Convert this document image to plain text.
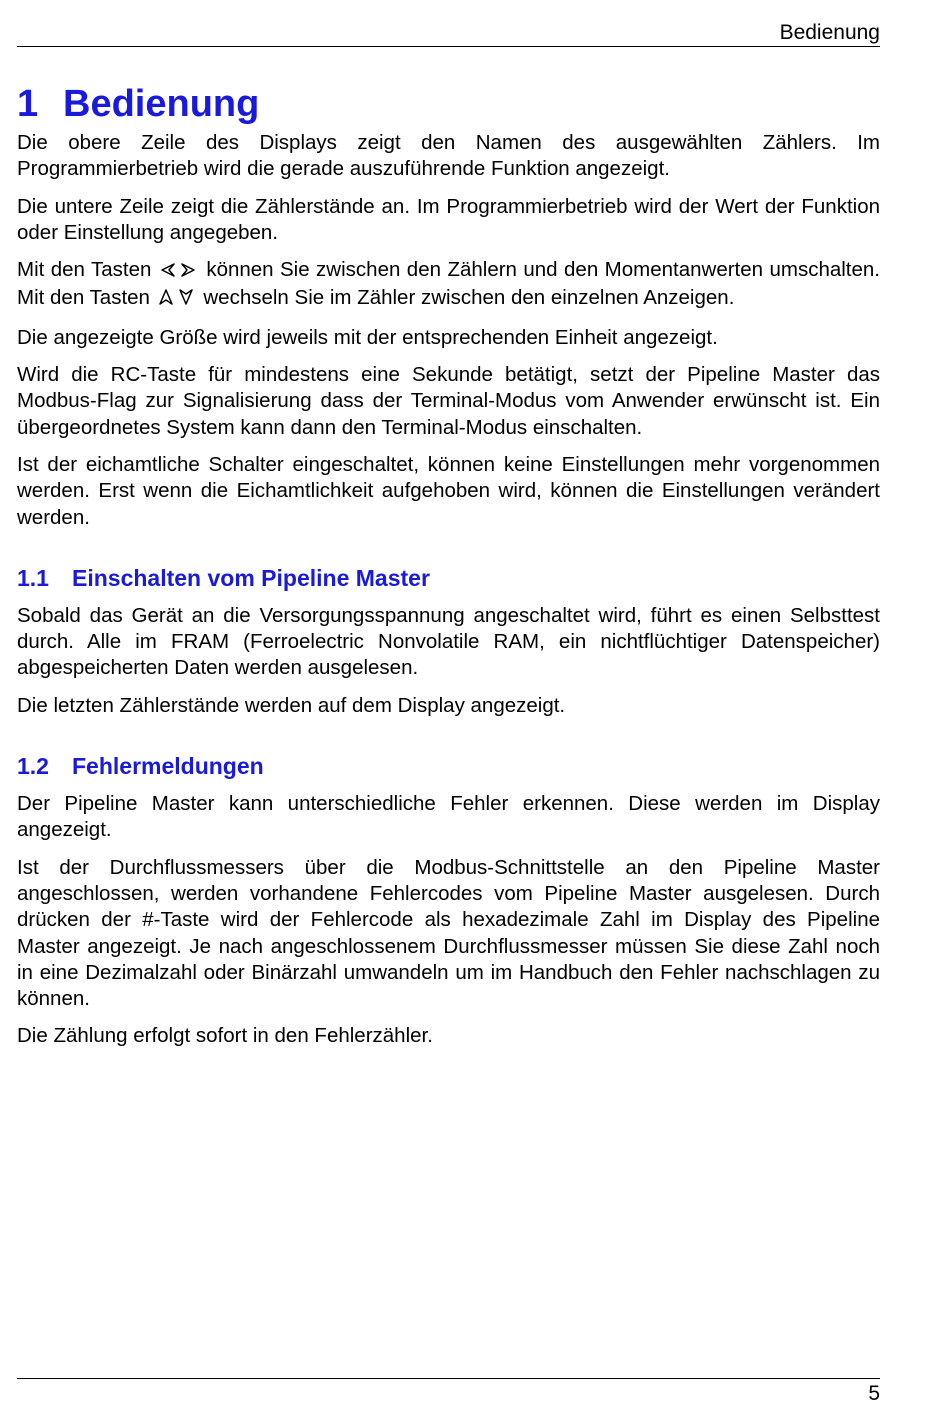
Bedienung
1 Bedienung

Die obere Zeile des Displays zeigt den Namen des ausgewählten Zählers. Im Programmierbetrieb wird die gerade auszuführende Funktion angezeigt.

Die untere Zeile zeigt die Zählerstände an. Im Programmierbetrieb wird der Wert der Funktion oder Einstellung angegeben.

Mit den Tasten	können Sie zwischen den Zählern und den Momentanwerten umschalten. Mit den Tasten	wechseln Sie im Zähler zwischen den einzelnen Anzeigen.

Die angezeigte Größe wird jeweils mit der entsprechenden Einheit angezeigt.

Wird die RC-Taste für mindestens eine Sekunde betätigt, setzt der Pipeline Master das Modbus-Flag zur Signalisierung dass der Terminal-Modus vom Anwender erwünscht ist. Ein übergeordnetes System kann dann den Terminal-Modus einschalten.

Ist der eichamtliche Schalter eingeschaltet, können keine Einstellungen mehr vorgenommen werden. Erst wenn die Eichamtlichkeit aufgehoben wird, können die Einstellungen verändert werden.

1.1 Einschalten vom Pipeline Master

Sobald das Gerät an die Versorgungsspannung angeschaltet wird, führt es einen Selbsttest durch. Alle im FRAM (Ferroelectric Nonvolatile RAM, ein nichtflüchtiger Datenspeicher) abgespeicherten Daten werden ausgelesen.

Die letzten Zählerstände werden auf dem Display angezeigt.

1.2 Fehlermeldungen

Der Pipeline Master kann unterschiedliche Fehler erkennen. Diese werden im Display angezeigt.

Ist der Durchflussmessers über die Modbus-Schnittstelle an den Pipeline Master angeschlossen, werden vorhandene Fehlercodes vom Pipeline Master ausgelesen. Durch drücken der #-Taste wird der Fehlercode als hexadezimale Zahl im Display des Pipeline Master angezeigt. Je nach angeschlossenem Durchflussmesser müssen Sie diese Zahl noch in eine Dezimalzahl oder Binärzahl umwandeln um im Handbuch den Fehler nachschlagen zu können.

Die Zählung erfolgt sofort in den Fehlerzähler.

5
